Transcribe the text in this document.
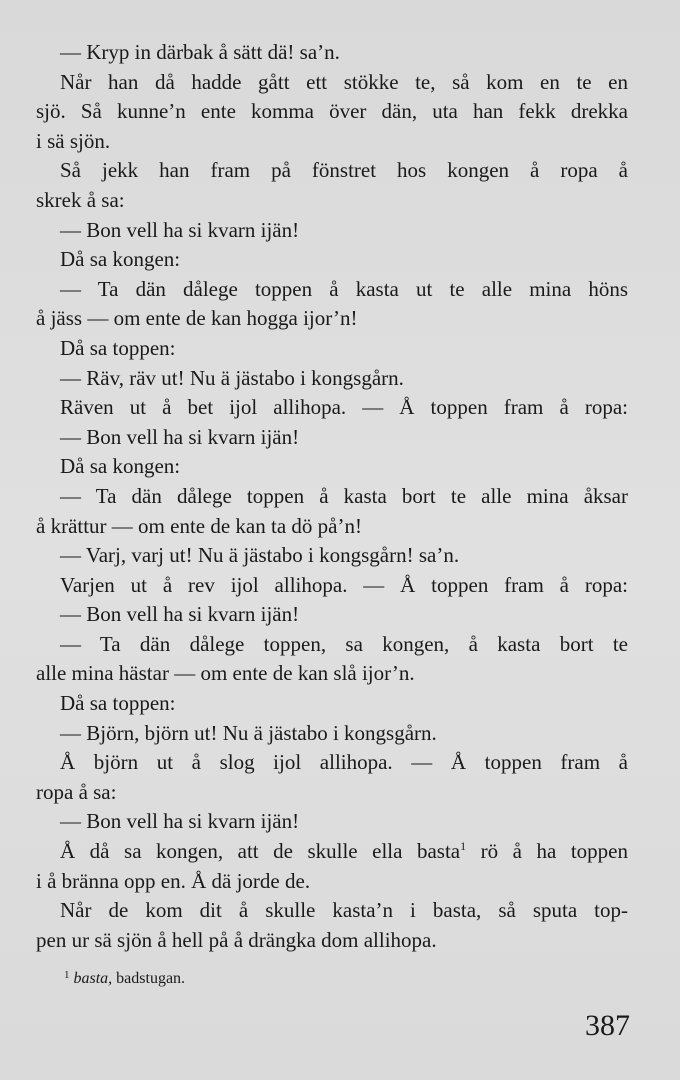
— Kryp in därbak å sätt dä! sa’n.
Når han då hadde gått ett stökke te, så kom en te en
sjö. Så kunne’n ente komma över dän, uta han fekk drekka
i sä sjön.
Så jekk han fram på fönstret hos kongen å ropa å
skrek å sa:
— Bon vell ha si kvarn ijän!
Då sa kongen:
— Ta dän dålege toppen å kasta ut te alle mina höns
å jäss — om ente de kan hogga ijor’n!
Då sa toppen:
— Räv, räv ut! Nu ä jästabo i kongsgårn.
Räven ut å bet ijol allihopa. — Å toppen fram å ropa:
— Bon vell ha si kvarn ijän!
Då sa kongen:
— Ta dän dålege toppen å kasta bort te alle mina åksar
å krättur — om ente de kan ta dö på’n!
— Varj, varj ut! Nu ä jästabo i kongsgårn! sa’n.
Varjen ut å rev ijol allihopa. — Å toppen fram å ropa:
— Bon vell ha si kvarn ijän!
— Ta dän dålege toppen, sa kongen, å kasta bort te
alle mina hästar — om ente de kan slå ijor’n.
Då sa toppen:
— Björn, björn ut! Nu ä jästabo i kongsgårn.
Å björn ut å slog ijol allihopa. — Å toppen fram å
ropa å sa:
— Bon vell ha si kvarn ijän!
Å då sa kongen, att de skulle ella basta$^1$ rö å ha toppen
i å bränna opp en. Å dä jorde de.
Når de kom dit å skulle kasta’n i basta, så sputa top-
pen ur sä sjön å hell på å drängka dom allihopa.
$^1$ basta, badstugan.
387
